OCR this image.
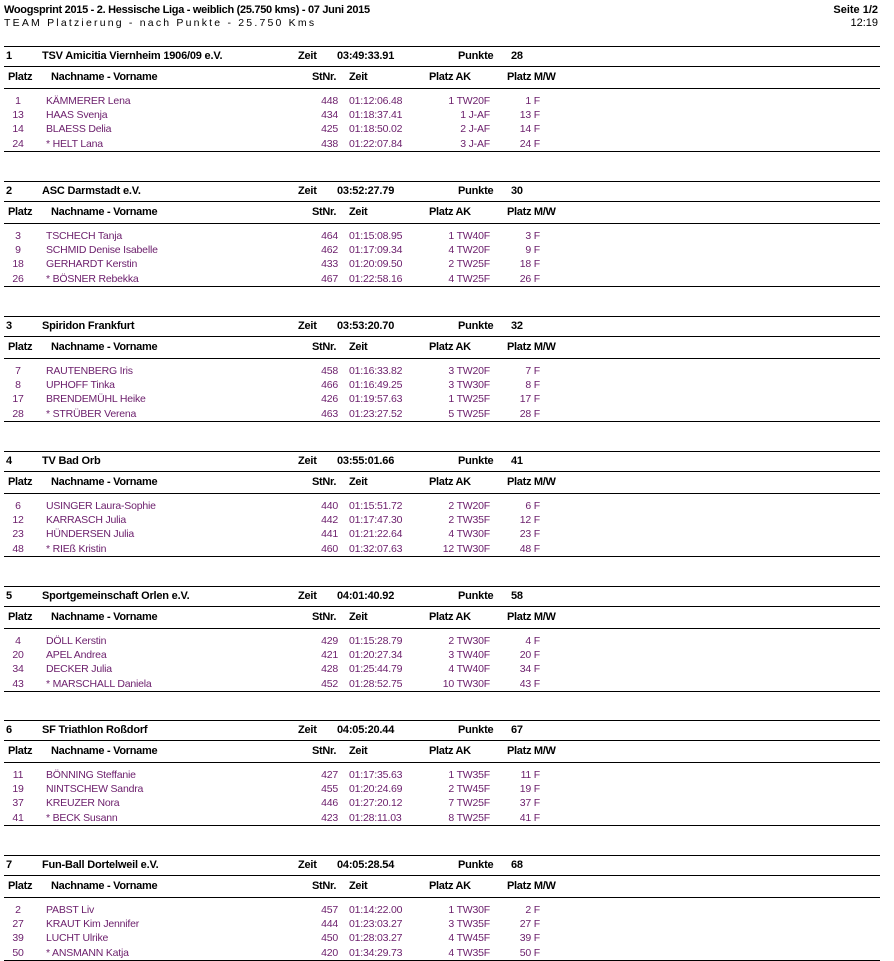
Woogsprint 2015 - 2. Hessische Liga - weiblich (25.750 kms) - 07 Juni 2015
TEAM Platzierung - nach Punkte - 25.750 Kms
Seite 1/2
12:19
1	TSV Amicitia Viernheim 1906/09 e.V.	Zeit 03:49:33.91	Punkte 28
Platz Nachname - Vorname	StNr. Zeit	Platz AK	Platz M/W
1	KÄMMERER Lena	448 01:12:06.48	1 TW20F	1 F
13	HAAS Svenja	434 01:18:37.41	1 J-AF	13 F
14	BLAESS Delia	425 01:18:50.02	2 J-AF	14 F
24	* HELT Lana	438 01:22:07.84	3 J-AF	24 F
2	ASC Darmstadt e.V.	Zeit 03:52:27.79	Punkte 30
Platz Nachname - Vorname	StNr. Zeit	Platz AK	Platz M/W
3	TSCHECH Tanja	464 01:15:08.95	1 TW40F	3 F
9	SCHMID Denise Isabelle	462 01:17:09.34	4 TW20F	9 F
18	GERHARDT Kerstin	433 01:20:09.50	2 TW25F	18 F
26	* BÖSNER Rebekka	467 01:22:58.16	4 TW25F	26 F
3	Spiridon Frankfurt	Zeit 03:53:20.70	Punkte 32
Platz Nachname - Vorname	StNr. Zeit	Platz AK	Platz M/W
7	RAUTENBERG Iris	458 01:16:33.82	3 TW20F	7 F
8	UPHOFF Tinka	466 01:16:49.25	3 TW30F	8 F
17	BRENDEMÜHL Heike	426 01:19:57.63	1 TW25F	17 F
28	* STRÜBER Verena	463 01:23:27.52	5 TW25F	28 F
4	TV Bad Orb	Zeit 03:55:01.66	Punkte 41
Platz Nachname - Vorname	StNr. Zeit	Platz AK	Platz M/W
6	USINGER Laura-Sophie	440 01:15:51.72	2 TW20F	6 F
12	KARRASCH Julia	442 01:17:47.30	2 TW35F	12 F
23	HÜNDERSEN Julia	441 01:21:22.64	4 TW30F	23 F
48	* RIEß Kristin	460 01:32:07.63	12 TW30F	48 F
5	Sportgemeinschaft Orlen e.V.	Zeit 04:01:40.92	Punkte 58
Platz Nachname - Vorname	StNr. Zeit	Platz AK	Platz M/W
4	DÖLL Kerstin	429 01:15:28.79	2 TW30F	4 F
20	APEL Andrea	421 01:20:27.34	3 TW40F	20 F
34	DECKER Julia	428 01:25:44.79	4 TW40F	34 F
43	* MARSCHALL Daniela	452 01:28:52.75	10 TW30F	43 F
6	SF Triathlon Roßdorf	Zeit 04:05:20.44	Punkte 67
Platz Nachname - Vorname	StNr. Zeit	Platz AK	Platz M/W
11	BÖNNING Steffanie	427 01:17:35.63	1 TW35F	11 F
19	NINTSCHEW Sandra	455 01:20:24.69	2 TW45F	19 F
37	KREUZER Nora	446 01:27:20.12	7 TW25F	37 F
41	* BECK Susann	423 01:28:11.03	8 TW25F	41 F
7	Fun-Ball Dortelweil e.V.	Zeit 04:05:28.54	Punkte 68
Platz Nachname - Vorname	StNr. Zeit	Platz AK	Platz M/W
2	PABST Liv	457 01:14:22.00	1 TW30F	2 F
27	KRAUT Kim Jennifer	444 01:23:03.27	3 TW35F	27 F
39	LUCHT Ulrike	450 01:28:03.27	4 TW45F	39 F
50	* ANSMANN Katja	420 01:34:29.73	4 TW35F	50 F
